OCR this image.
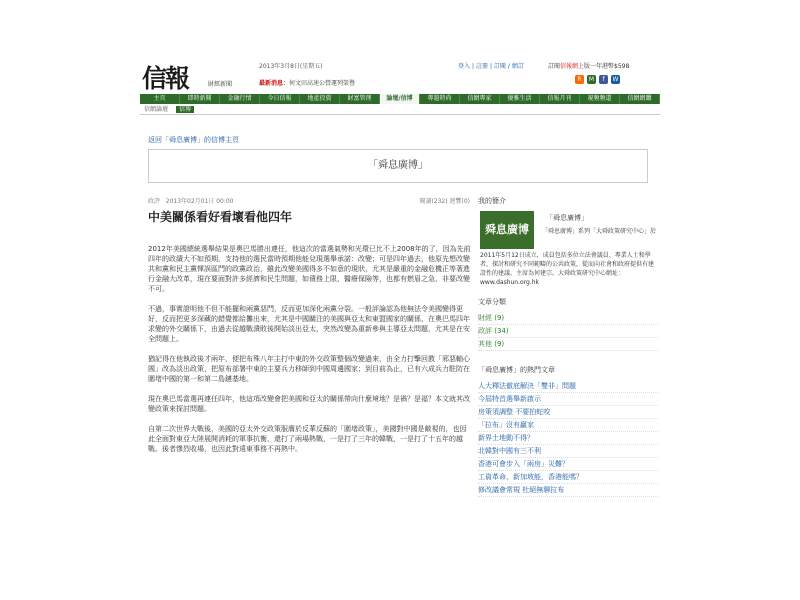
信報	財經新聞
2013年3月8日(星期五)
最新消息：何文田高速公營運列榮譽
登入 | 註冊 | 訂閱 / 網訂	訂閱信報網上版一年港幣$598
R	M	f	W
主頁	即時新聞	金融行情	今日信報	地產投資	財富管理	論壇/信博	專題時尚	信網專家	優雅生活	信報月刊	視頻頻道	信網網購
信網論壇 信博
返回「舜息廣博」的信博主頁
「舜息廣博」
政評 2013年02月01日 00:00	閱讀(232) 迴響(0)
中美關係看好看壞看他四年

2012年美國總統選舉結果是奧巴馬勝出連任，他這次的當選氣勢和光環已比不上2008年的了，因為先前四年的政績大不如預期，支持他的選民當時預期他能兌現選舉承諾：改變；可是四年過去，他原先想改變共和黨和民主黨惲誤區鬥的政黨政治，雖此改變美國得多不如意的現狀，尤其是嚴重的金融危機正等著進行金融大改革，現在要面對許多經濟和民生問題，如債務上限、醫療保險等，也都有燃眉之急，非要改變不可。

不過，事實證明他不但不能擺和兩黨惡鬥，反而更加深化兩黨分裂。一般評論認為他無法令美國變得更好，反而把更多深藏的錯覺都給攤出來，尤其是中國關注的美國與亞太和東盟國家的關係，在奧巴馬四年求變的外交關係下，由過去從越戰潰敗後開始淡出亞太，突然改變為重新參與主導亞太問題，尤其是在安全問題上。

猶記得在他執政後才兩年，便把布殊八年主打中東的外交政策整個改變過來，由全力打擊回教「邪惡軸心國」改為淡出政策，把原布部署中東的主要兵力移師到中國周邊國家；到目前為止，已有六成兵力駐防在圍堵中國的第一和第二島鏈基地。

現在奧巴馬當選再連任四年，他這項改變會把美國和亞太的關係帶向什麼境地？是禍？是福？本文就其改變政策來探討問題。

自第二次世界大戰後，美國的亞太外交政策服膺於反華反蘇的「圍堵政策」，美國對中國是敵視的，也因此全面對東亞大陸展開消耗的軍事抗衡，還打了兩場熱戰，一是打了三年的韓戰，一是打了十五年的越戰。後者慘烈收場，也因此對遠東事務不再熱中。

我的簡介
舜息廣博
「舜息廣博」
「舜息廣博」系列「大舜政策研究中心」於
2011年5月12日成立，成員包括多位立法會議員、專業人士和學者，探討和研究不同範疇的公共政策，從而向社會和政府提供有建設性的建議。主席為何建宗。大舜政策研究中心網址：www.dashun.org.hk
文章分類
財經 (9)
政評 (34)
其他 (9)
「舜息廣博」的熱門文章
人大釋法徹底解決「雙非」問題
今屆特首選舉新啟示
房策須調整 不要拍蛇咬
「拉布」沒有贏家
新界土地動不得？
北韓對中國有三不利
香港可會步入「兩房」災難？
工資革命，新加坡能，香港能嗎？
修改議會常規 杜絕無聊拉布
